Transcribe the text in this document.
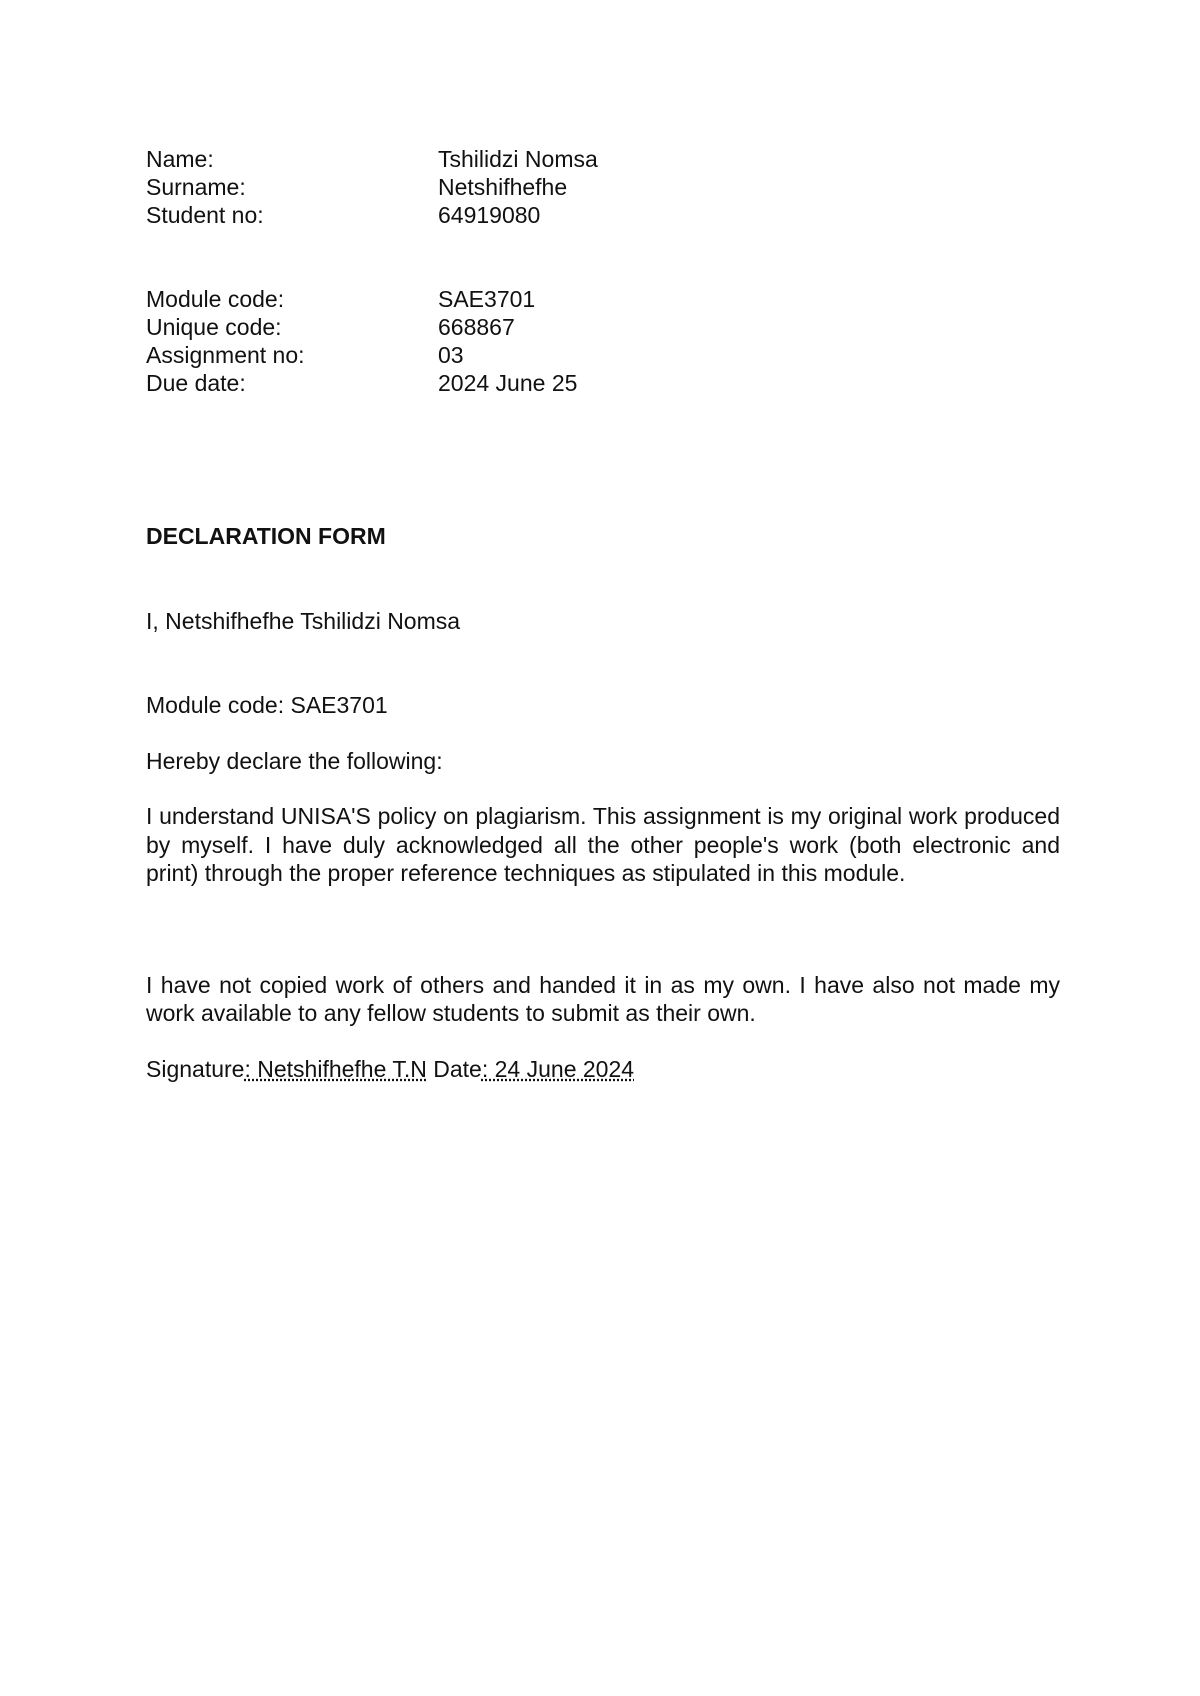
Name:	Tshilidzi Nomsa
Surname:	Netshifhefhe
Student no:	64919080
Module code:	SAE3701
Unique code:	668867
Assignment no:	03
Due date:	2024 June 25
DECLARATION FORM
I, Netshifhefhe Tshilidzi Nomsa
Module code: SAE3701
Hereby declare the following:
I understand UNISA'S policy on plagiarism. This assignment is my original work produced by myself. I have duly acknowledged all the other people's work (both electronic and print) through the proper reference techniques as stipulated in this module.
I have not copied work of others and handed it in as my own. I have also not made my work available to any fellow students to submit as their own.
Signature: Netshifhefhe T.N Date: 24 June 2024
